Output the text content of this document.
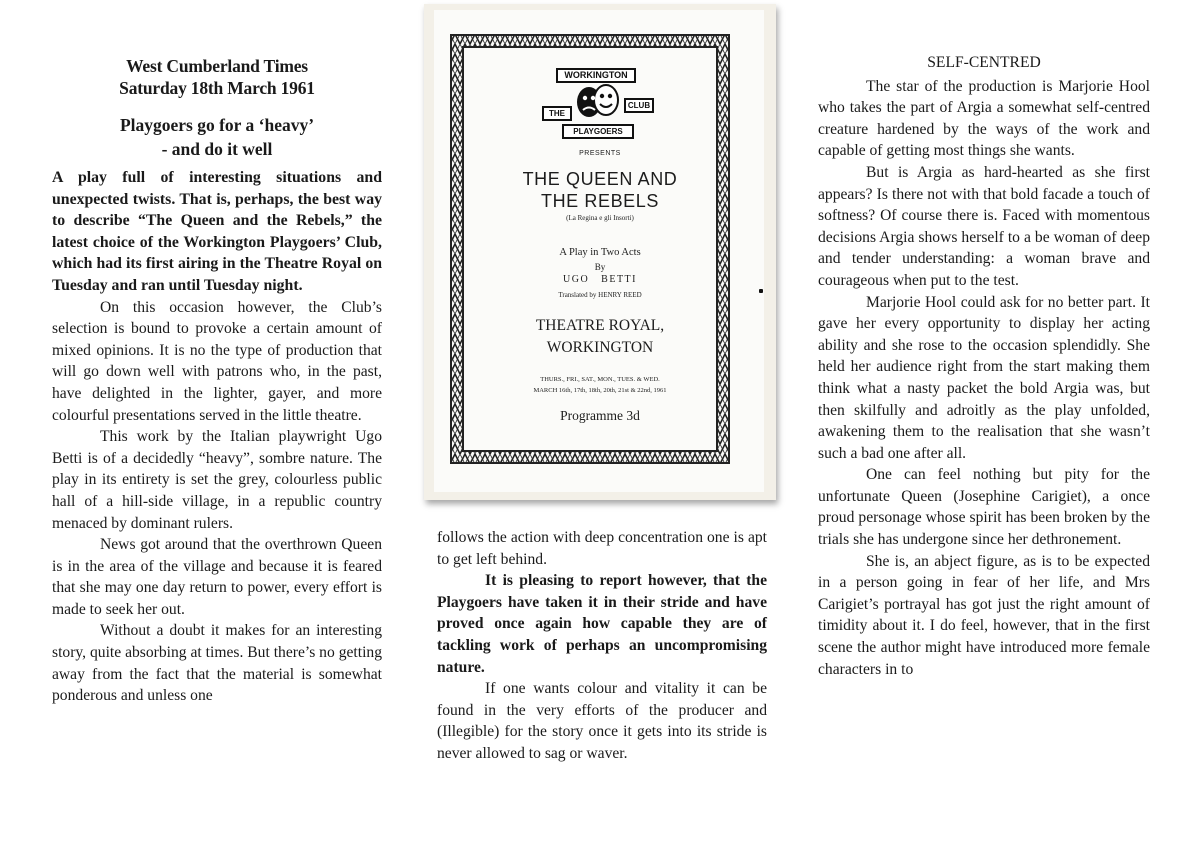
West Cumberland Times

Saturday 18th March 1961

Playgoers go for a ‘heavy’
- and do it well

A play full of interesting situations and unexpected twists. That is, perhaps, the best way to describe “The Queen and the Rebels,” the latest choice of the Workington Playgoers’ Club, which had its first airing in the Theatre Royal on Tuesday and ran until Tuesday night.

On this occasion however, the Club’s selection is bound to provoke a certain amount of mixed opinions. It is no the type of production that will go down well with patrons who, in the past, have delighted in the lighter, gayer, and more colourful presentations served in the little theatre.

This work by the Italian playwright Ugo Betti is of a decidedly “heavy”, sombre nature. The play in its entirety is set the grey, colourless public hall of a hill-side village, in a republic country menaced by dominant rulers.

News got around that the overthrown Queen is in the area of the village and because it is feared that she may one day return to power, every effort is made to seek her out.

Without a doubt it makes for an interesting story, quite absorbing at times. But there’s no getting away from the fact that the material is somewhat ponderous and unless one

WORKINGTON
THE
CLUB
PLAYGOERS
PRESENTS
THE QUEEN AND
THE REBELS
(La Regina e gli Insorti)
A Play in Two Acts
By
UGO   BETTI
Translated by HENRY REED
THEATRE ROYAL,
WORKINGTON
THURS., FRI., SAT., MON., TUES. & WED.
MARCH 16th, 17th, 18th, 20th, 21st & 22nd, 1961
Programme 3d

follows the action with deep concentration one is apt to get left behind.

It is pleasing to report however, that the Playgoers have taken it in their stride and have proved once again how capable they are of tackling work of perhaps an uncompromising nature.

If one wants colour and vitality it can be found in the very efforts of the producer and (Illegible) for the story once it gets into its stride is never allowed to sag or waver.

SELF-CENTRED

The star of the production is Marjorie Hool who takes the part of Argia a somewhat self-centred creature hardened by the ways of the work and capable of getting most things she wants.

But is Argia as hard-hearted as she first appears? Is there not with that bold facade a touch of softness? Of course there is. Faced with momentous decisions Argia shows herself to a be woman of deep and tender understanding: a woman brave and courageous when put to the test.

Marjorie Hool could ask for no better part. It gave her every opportunity to display her acting ability and she rose to the occasion splendidly. She held her audience right from the start making them think what a nasty packet the bold Argia was, but then skilfully and adroitly as the play unfolded, awakening them to the realisation that she wasn’t such a bad one after all.

One can feel nothing but pity for the unfortunate Queen (Josephine Carigiet), a once proud personage whose spirit has been broken by the trials she has undergone since her dethronement.

She is, an abject figure, as is to be expected in a person going in fear of her life, and Mrs Carigiet’s portrayal has got just the right amount of timidity about it. I do feel, however, that in the first scene the author might have introduced more female characters in to
